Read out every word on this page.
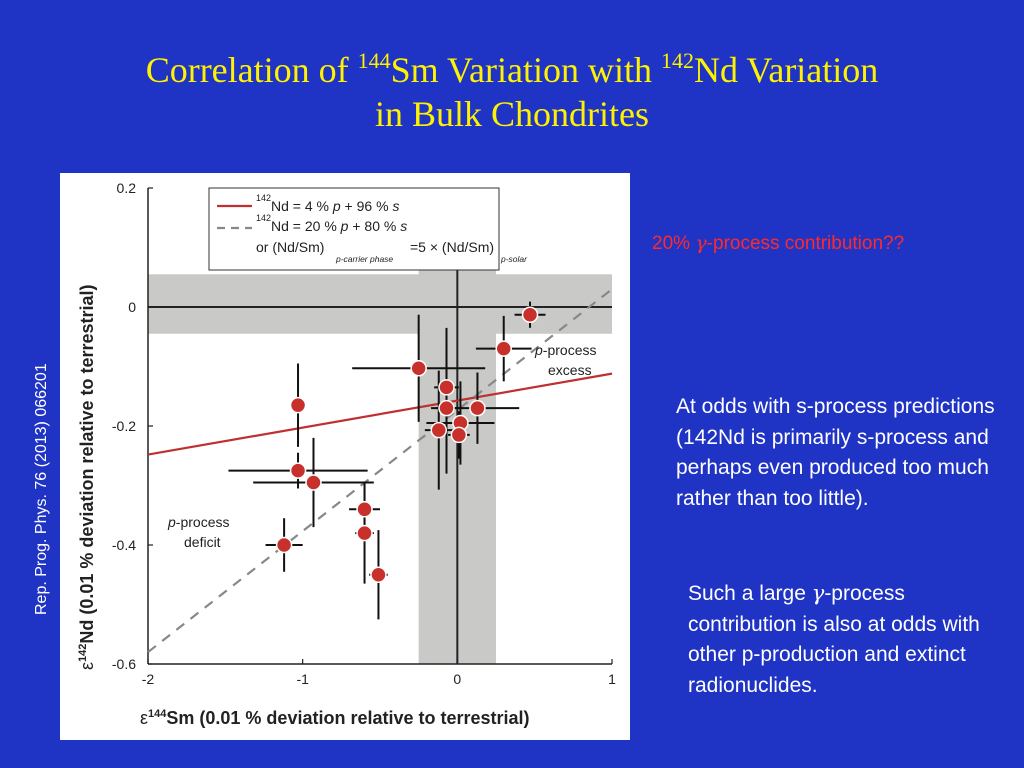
Correlation of $^{144}$Sm Variation with $^{142}$Nd Variation
in Bulk Chondrites
Rep. Prog. Phys. 76 (2013) 066201
-2	-1	0	1
0.2
0
-0.2
-0.4
-0.6
142 Nd = 4 % p + 96 % s
142 Nd = 20 % p + 80 % s
or (Nd/Sm)	=5 × (Nd/Sm)
p-carrier phase	p-solar
p-process
excess
p-process
deficit
$\varepsilon^{144}Sm$ (0.01 % deviation relative to terrestrial)
$\varepsilon^{142}Nd$ (0.01 % deviation relative to terrestrial)
20% γ-process contribution??
At odds with s-process predictions (142Nd is primarily s-process and perhaps even produced too much rather than too little).
Such a large γ-process contribution is also at odds with other p-production and extinct radionuclides.
